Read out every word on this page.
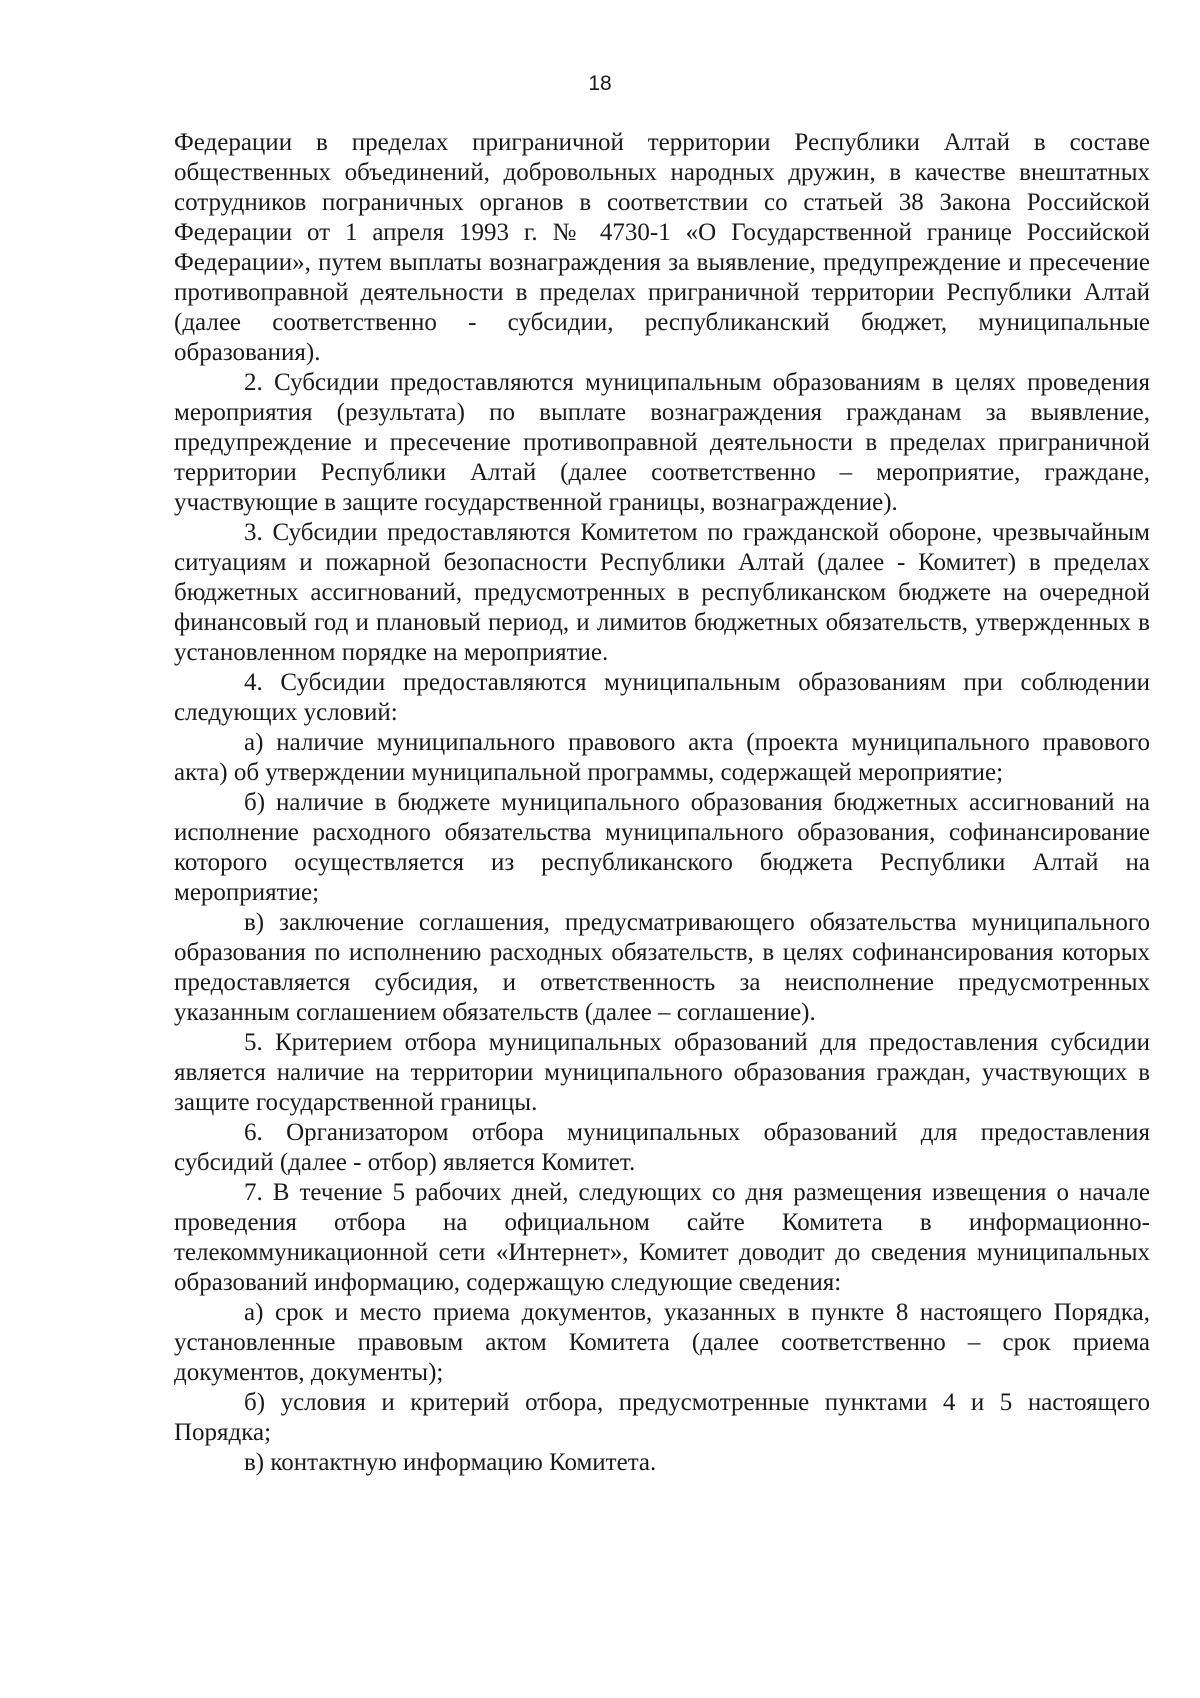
18

Федерации в пределах приграничной территории Республики Алтай в составе общественных объединений, добровольных народных дружин, в качестве внештатных сотрудников пограничных органов в соответствии со статьей 38 Закона Российской Федерации от 1 апреля 1993 г. № 4730-1 «О Государственной границе Российской Федерации», путем выплаты вознаграждения за выявление, предупреждение и пресечение противоправной деятельности в пределах приграничной территории Республики Алтай (далее соответственно - субсидии, республиканский бюджет, муниципальные образования).

2. Субсидии предоставляются муниципальным образованиям в целях проведения мероприятия (результата) по выплате вознаграждения гражданам за выявление, предупреждение и пресечение противоправной деятельности в пределах приграничной территории Республики Алтай (далее соответственно – мероприятие, граждане, участвующие в защите государственной границы, вознаграждение).

3. Субсидии предоставляются Комитетом по гражданской обороне, чрезвычайным ситуациям и пожарной безопасности Республики Алтай (далее - Комитет) в пределах бюджетных ассигнований, предусмотренных в республиканском бюджете на очередной финансовый год и плановый период, и лимитов бюджетных обязательств, утвержденных в установленном порядке на мероприятие.

4. Субсидии предоставляются муниципальным образованиям при соблюдении следующих условий:

а) наличие муниципального правового акта (проекта муниципального правового акта) об утверждении муниципальной программы, содержащей мероприятие;

б) наличие в бюджете муниципального образования бюджетных ассигнований на исполнение расходного обязательства муниципального образования, софинансирование которого осуществляется из республиканского бюджета Республики Алтай на мероприятие;

в) заключение соглашения, предусматривающего обязательства муниципального образования по исполнению расходных обязательств, в целях софинансирования которых предоставляется субсидия, и ответственность за неисполнение предусмотренных указанным соглашением обязательств (далее – соглашение).

5. Критерием отбора муниципальных образований для предоставления субсидии является наличие на территории муниципального образования граждан, участвующих в защите государственной границы.

6. Организатором отбора муниципальных образований для предоставления субсидий (далее - отбор) является Комитет.

7. В течение 5 рабочих дней, следующих со дня размещения извещения о начале проведения отбора на официальном сайте Комитета в информационно-телекоммуникационной сети «Интернет», Комитет доводит до сведения муниципальных образований информацию, содержащую следующие сведения:

а) срок и место приема документов, указанных в пункте 8 настоящего Порядка, установленные правовым актом Комитета (далее соответственно – срок приема документов, документы);

б) условия и критерий отбора, предусмотренные пунктами 4 и 5 настоящего Порядка;

в) контактную информацию Комитета.
